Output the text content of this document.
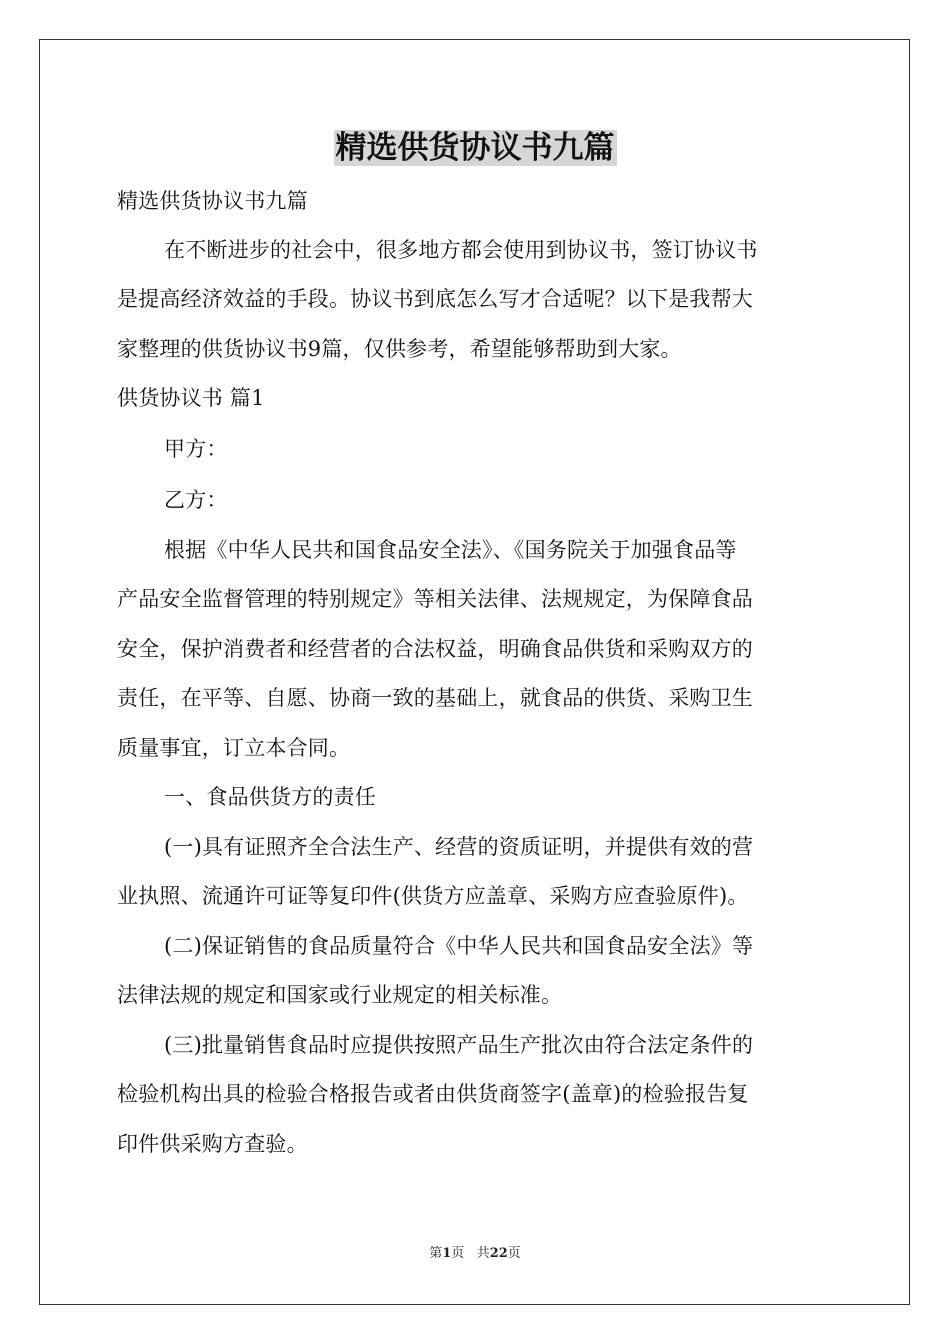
精选供货协议书九篇
精选供货协议书九篇
在不断进步的社会中，很多地方都会使用到协议书，签订协议书
是提高经济效益的手段。协议书到底怎么写才合适呢？以下是我帮大
家整理的供货协议书9篇，仅供参考，希望能够帮助到大家。
供货协议书 篇1
甲方：
乙方：
根据《中华人民共和国食品安全法》、《国务院关于加强食品等
产品安全监督管理的特别规定》等相关法律、法规规定，为保障食品
安全，保护消费者和经营者的合法权益，明确食品供货和采购双方的
责任，在平等、自愿、协商一致的基础上，就食品的供货、采购卫生
质量事宜，订立本合同。
一、食品供货方的责任
(一)具有证照齐全合法生产、经营的资质证明，并提供有效的营
业执照、流通许可证等复印件(供货方应盖章、采购方应查验原件)。
(二)保证销售的食品质量符合《中华人民共和国食品安全法》等
法律法规的规定和国家或行业规定的相关标准。
(三)批量销售食品时应提供按照产品生产批次由符合法定条件的
检验机构出具的检验合格报告或者由供货商签字(盖章)的检验报告复
印件供采购方查验。
第1页 共22页
